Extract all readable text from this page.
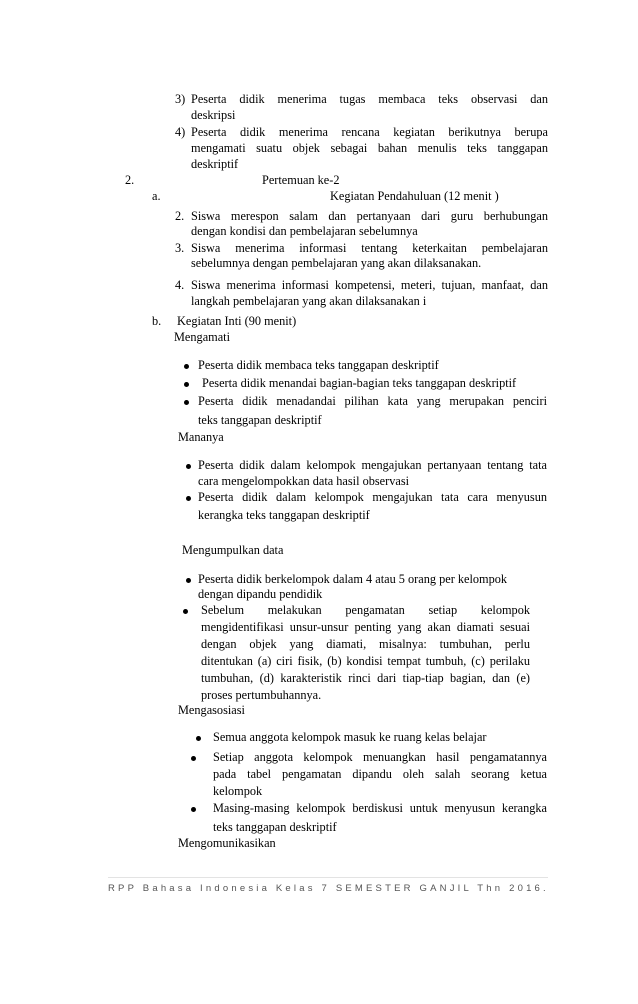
3) Peserta didik menerima tugas membaca teks observasi dan
deskripsi
4) Peserta didik menerima rencana kegiatan berikutnya berupa
mengamati suatu objek sebagai bahan menulis teks tanggapan
deskriptif
2.	Pertemuan ke-2
a.	Kegiatan Pendahuluan (12 menit )
2. Siswa merespon salam dan pertanyaan dari guru berhubungan
dengan kondisi dan pembelajaran sebelumnya
3. Siswa menerima informasi tentang keterkaitan pembelajaran
sebelumnya dengan pembelajaran yang akan dilaksanakan.
4. Siswa menerima informasi kompetensi, meteri, tujuan, manfaat, dan
langkah pembelajaran yang akan dilaksanakan i
b. Kegiatan Inti (90 menit)
Mengamati
Peserta didik membaca teks tanggapan deskriptif
Peserta didik menandai bagian-bagian teks tanggapan deskriptif
Peserta didik menadandai pilihan kata yang merupakan penciri
teks tanggapan deskriptif
Mananya
Peserta didik dalam kelompok mengajukan pertanyaan tentang tata
cara mengelompokkan data hasil observasi
Peserta didik dalam kelompok mengajukan tata cara menyusun
kerangka teks tanggapan deskriptif
Mengumpulkan data
Peserta didik berkelompok dalam 4 atau 5 orang per kelompok
dengan dipandu pendidik
Sebelum melakukan pengamatan setiap kelompok
mengidentifikasi unsur-unsur penting yang akan diamati sesuai
dengan objek yang diamati, misalnya: tumbuhan, perlu
ditentukan (a) ciri fisik, (b) kondisi tempat tumbuh, (c) perilaku
tumbuhan, (d) karakteristik rinci dari tiap-tiap bagian, dan (e)
proses pertumbuhannya.
Mengasosiasi
Semua anggota kelompok masuk ke ruang kelas belajar
Setiap anggota kelompok menuangkan hasil pengamatannya
pada tabel pengamatan dipandu oleh salah seorang ketua
kelompok
Masing-masing kelompok berdiskusi untuk menyusun kerangka
teks tanggapan deskriptif
Mengomunikasikan
RPP Bahasa Indonesia Kelas 7 SEMESTER GANJIL Thn 2016.
